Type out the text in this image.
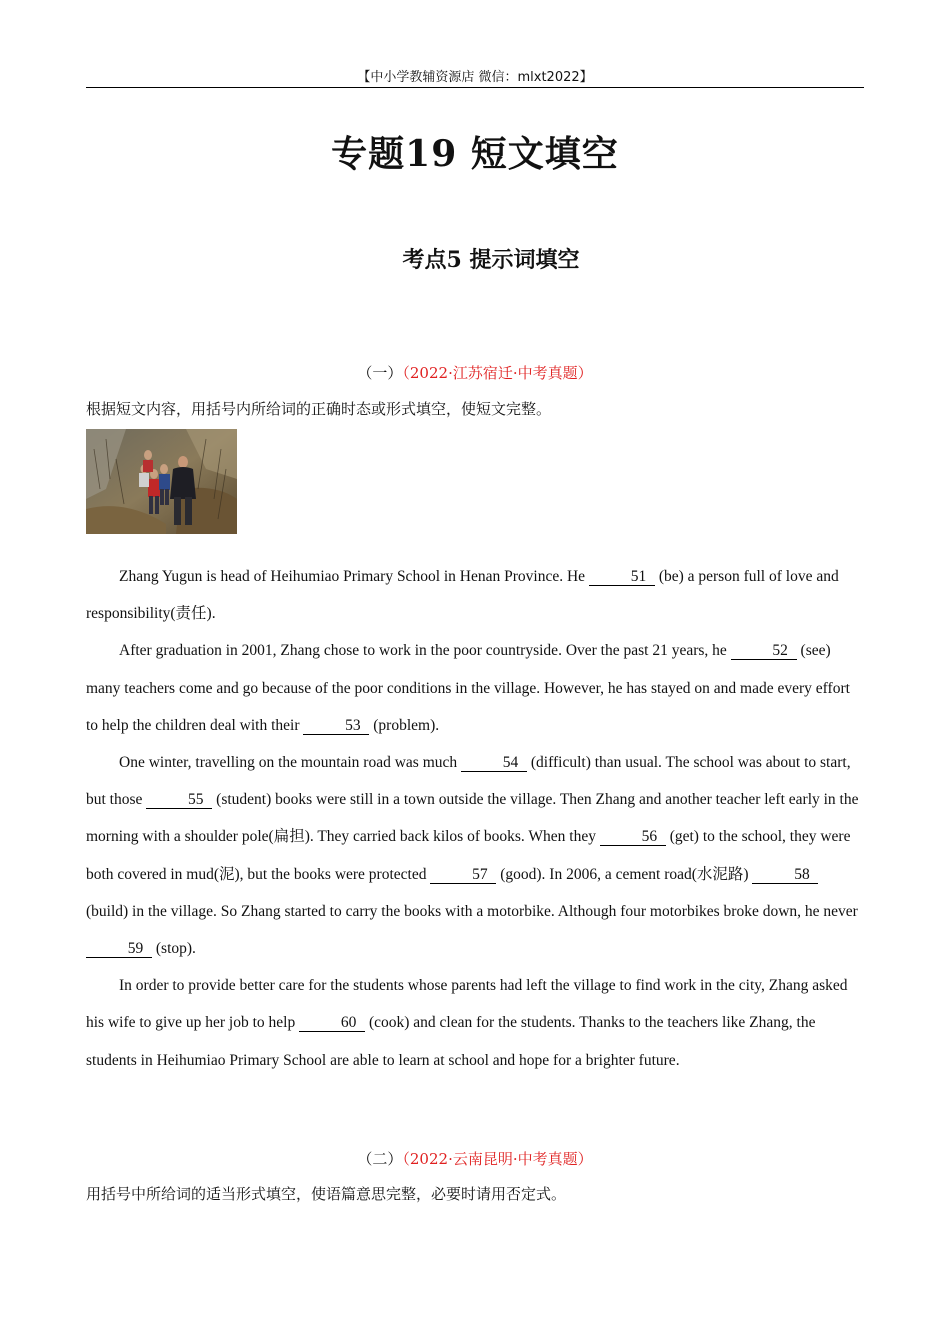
【中小学教辅资源店 微信：mlxt2022】
专题19 短文填空
考点5 提示词填空
（一）（2022·江苏宿迁·中考真题）
根据短文内容，用括号内所给词的正确时态或形式填空，使短文完整。

Zhang Yugun is head of Heihumiao Primary School in Henan Province. He	51 (be) a person full of love and responsibility(责任).

After graduation in 2001, Zhang chose to work in the poor countryside. Over the past 21 years, he	52 (see) many teachers come and go because of the poor conditions in the village. However, he has stayed on and made every effort to help the children deal with their	53 (problem).

One winter, travelling on the mountain road was much	54 (difficult) than usual. The school was about to start, but those	55 (student) books were still in a town outside the village. Then Zhang and another teacher left early in the morning with a shoulder pole(扁担). They carried back kilos of books. When they	56 (get) to the school, they were both covered in mud(泥), but the books were protected	57 (good). In 2006, a cement road(水泥路)	58 (build) in the village. So Zhang started to carry the books with a motorbike. Although four motorbikes broke down, he never 59 (stop).

In order to provide better care for the students whose parents had left the village to find work in the city, Zhang asked his wife to give up her job to help	60 (cook) and clean for the students. Thanks to the teachers like Zhang, the students in Heihumiao Primary School are able to learn at school and hope for a brighter future.

（二）（2022·云南昆明·中考真题）
用括号中所给词的适当形式填空，使语篇意思完整，必要时请用否定式。
